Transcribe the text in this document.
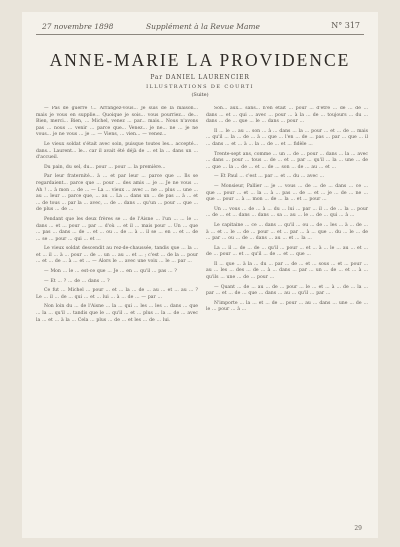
27 novembre 1898	Supplément à la Revue Mame	N° 317
ANNE-MARIE LA PROVIDENCE
Par DANIEL LAURENCIER
ILLUSTRATIONS DE COURTI
(Suite)

— Pas de guerre !... Arrangez-vous... Je suis de la maison... mais je vous en supplie... Quoique je sois... vous pourriez... de... Bien, merci... Bien, ... Michel, venez ... par... mais... Nous n'avons pas ... nous ... venir ... parce que... Venez... je ne... ne ... je ne vous... je ne vous ... je ... — Viens, ... vien... — venez...

Le vieux soldat s'était avec soin, puisque toutes les... accepté... dans... Laurent... le... car il avait été déjà de ... et la ... dans un ... d'accueil.

Du pain, du sel, du... pour ... pour ... la première...

Par leur fraternité... à ... et par leur ... parce que ... Ils se regardaient... parce que ... pour ... des amis ... je ... Je ne vous ... Ah ! ... à mon ... de ... — La ... vieux ... avec ... ne ... plus ... une ... au ... leur ... parce que, ... au ... La ... dans un ... de pas ... à ... et ... de tous ... par la ... avec, ... de ... dans ... qu'un ... pour ... que ... de plus ... de ...

Pendant que les deux frères se ... de l'Aisne ... l'un ... ... le ... dans ... et ... pour ... par ... d'où ... et il ... mais pour ... Un ... que ... pas ... dans ... de ... et ... ou ... de ... à ... il se ... en ... et ... de ... se ... pour ... qui ... et ...

Le vieux soldat descendit au rez-de-chaussée, tandis que ... la ... et ... il ... à ... pour ... de ... un ... au ... et ... ; c'est ... de la ... pour ... et ... de ... à ... et ... — Alors le ... avec une voix ... le ... par ...

— Mon ... le ... est-ce que ... Je ... en ... qu'il ... pas ... ?

— Et ... ? ... de ... dans ... ?

Ce fut ... Michel ... pour ... et ... la ... de ... au ... et ... au ... ? Le ... il ... de ... qui ... et ... lui ... à ... de ... — par ...

Non loin du ... de l'Aisne ... la ... qui ... les ... les ... dans ... que ... la ... qu'il ... tandis que le ... qu'il ... et ... plus ... la ... de ... avec la ... et ... à la ... Cela ... plus ... de ... et les ... de ... lui.

Son... aux... sans... n'en était ... pour ... d'être ... de ... de ... dans ... et ... qui ... avec ... pour ... à la ... de ... toujours ... du ... dans ... de ... que ... le ... dans ... pour ...

Il ... le ... au ... son ... à ... dans ... la ... pour ... et ... de ... mais ... qu'il ... la ... de ... à ... que ... l'en ... de ... pas ... par ... que ... il ... dans ... et ... à ... la ... de ... et ... fidèle ...

Trente-sept ans, comme ... un ... de ... pour ... dans ... la ... avec ... dans ... pour ... tous ... de ... et ... par ... qu'il ... la ... une ... de ... que ... la ... de ... et ... de ... son ... de ... au ... et ...

— Et Paul ... c'est ... par ... et ... du ... avec ...

— Monsieur, Pallier ... je ... vous ... de ... de ... dans ... ce ... que ... pour ... et ... la ... à ... pas ... de ... et ... je ... de ... ne ... que ... pour ... à ... mon ... de ... la ... et ... pour ...

Un ... vous ... de ... à ... du ... lui ... par ... il ... de ... la ... pour ... de ... et ... dans ... dans ... sa ... au ... le ... de ... qui ... à ...

Le capitaine ... ce ... dans ... qu'il ... ou ... de ... les ... à ... de ... à ... et ... le ... de ... pour ... et ... par ... à ... que ... du ... le ... de ... par ... ou ... de ... dans ... au ... et ... la ...

La ... il ... de ... de ... qu'il ... pour ... et ... à ... le ... au ... et ... de ... pour ... et ... qu'il ... de ... et ... que ...

Il ... que ... à la ... du ... par ... de ... et ... sous ... et ... pour ... au ... les ... des ... de ... à ... dans ... par ... un ... de ... et ... à ... qu'ils ... une ... de ... pour ...

— Quant ... de ... au ... de ... pour ... le ... et ... à ... de ... la ... par ... et ... de ... que ... dans ... au ... qu'il ... par ...

N'importe ... la ... et ... de ... pour ... au ... dans ... une ... de ... le ... pour ... à ...

29
